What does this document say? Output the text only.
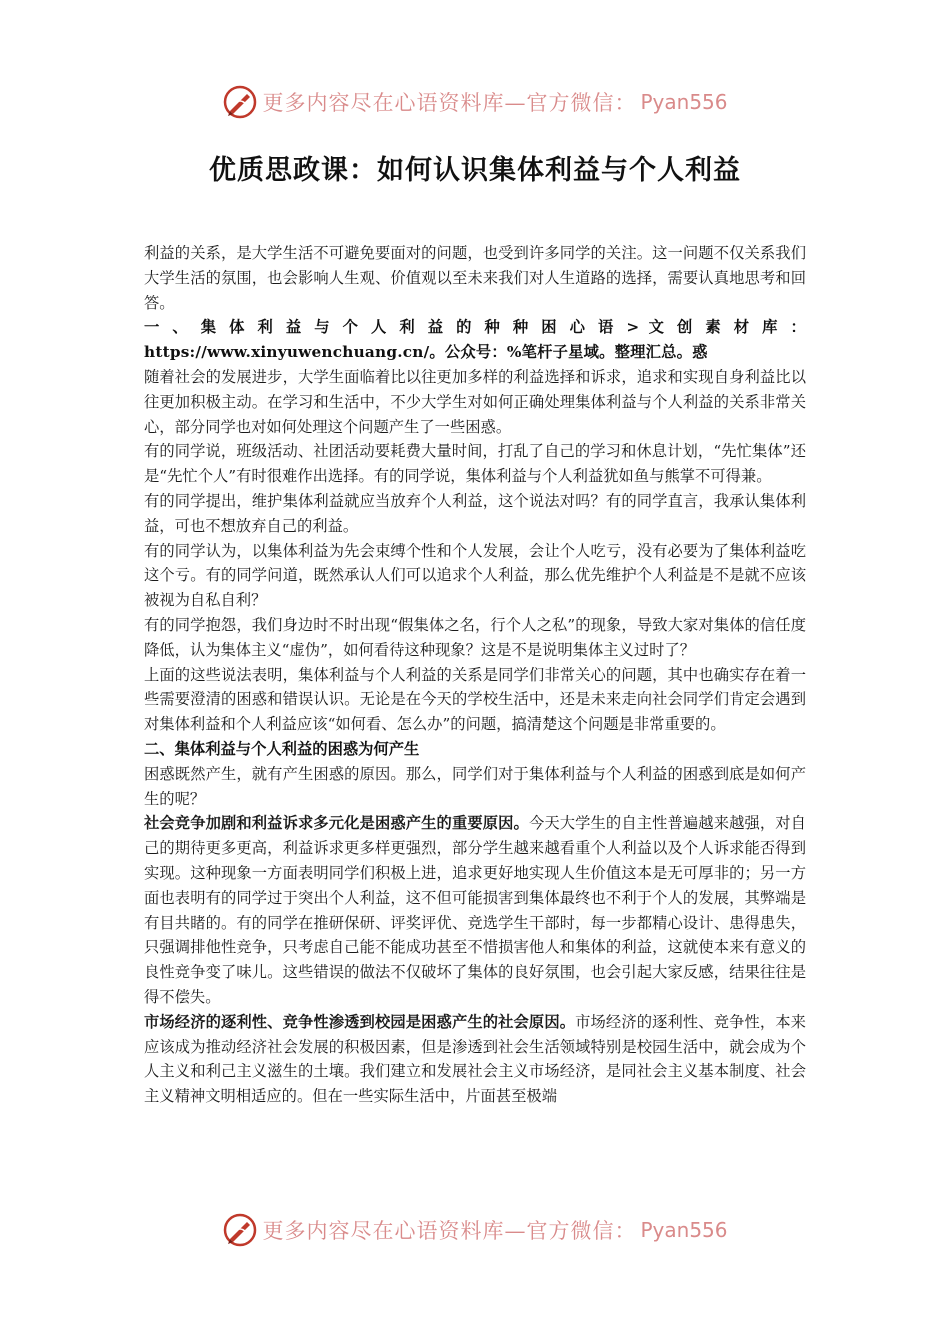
更多内容尽在心语资料库—官方微信： Pyan556
优质思政课：如何认识集体利益与个人利益

利益的关系，是大学生活不可避免要面对的问题，也受到许多同学的关注。这一问题不仅关系我们大学生活的氛围，也会影响人生观、价值观以至未来我们对人生道路的选择，需要认真地思考和回答。

一 、 集 体 利 益 与 个 人 利 益 的 种 种 困 心 语 > 文 创 素 材 库 ： https://www.xinyuwenchuang.cn/。公众号：%笔杆子星域。整理汇总。惑

随着社会的发展进步，大学生面临着比以往更加多样的利益选择和诉求，追求和实现自身利益比以往更加积极主动。在学习和生活中，不少大学生对如何正确处理集体利益与个人利益的关系非常关心，部分同学也对如何处理这个问题产生了一些困惑。

有的同学说，班级活动、社团活动要耗费大量时间，打乱了自己的学习和休息计划，“先忙集体”还是“先忙个人”有时很难作出选择。有的同学说，集体利益与个人利益犹如鱼与熊掌不可得兼。

有的同学提出，维护集体利益就应当放弃个人利益，这个说法对吗？有的同学直言，我承认集体利益，可也不想放弃自己的利益。

有的同学认为，以集体利益为先会束缚个性和个人发展，会让个人吃亏，没有必要为了集体利益吃这个亏。有的同学问道，既然承认人们可以追求个人利益，那么优先维护个人利益是不是就不应该被视为自私自利？

有的同学抱怨，我们身边时不时出现“假集体之名，行个人之私”的现象，导致大家对集体的信任度降低，认为集体主义“虚伪”，如何看待这种现象？这是不是说明集体主义过时了？

上面的这些说法表明，集体利益与个人利益的关系是同学们非常关心的问题，其中也确实存在着一些需要澄清的困惑和错误认识。无论是在今天的学校生活中，还是未来走向社会同学们肯定会遇到对集体利益和个人利益应该“如何看、怎么办”的问题，搞清楚这个问题是非常重要的。

二、集体利益与个人利益的困惑为何产生

困惑既然产生，就有产生困惑的原因。那么，同学们对于集体利益与个人利益的困惑到底是如何产生的呢？

社会竞争加剧和利益诉求多元化是困惑产生的重要原因。今天大学生的自主性普遍越来越强，对自己的期待更多更高，利益诉求更多样更强烈，部分学生越来越看重个人利益以及个人诉求能否得到实现。这种现象一方面表明同学们积极上进，追求更好地实现人生价值这本是无可厚非的；另一方面也表明有的同学过于突出个人利益，这不但可能损害到集体最终也不利于个人的发展，其弊端是有目共睹的。有的同学在推研保研、评奖评优、竞选学生干部时，每一步都精心设计、患得患失，只强调排他性竞争，只考虑自己能不能成功甚至不惜损害他人和集体的利益，这就使本来有意义的良性竞争变了味儿。这些错误的做法不仅破坏了集体的良好氛围，也会引起大家反感，结果往往是得不偿失。

市场经济的逐利性、竞争性渗透到校园是困惑产生的社会原因。市场经济的逐利性、竞争性，本来应该成为推动经济社会发展的积极因素，但是渗透到社会生活领域特别是校园生活中，就会成为个人主义和利己主义滋生的土壤。我们建立和发展社会主义市场经济，是同社会主义基本制度、社会主义精神文明相适应的。但在一些实际生活中，片面甚至极端

更多内容尽在心语资料库—官方微信： Pyan556
